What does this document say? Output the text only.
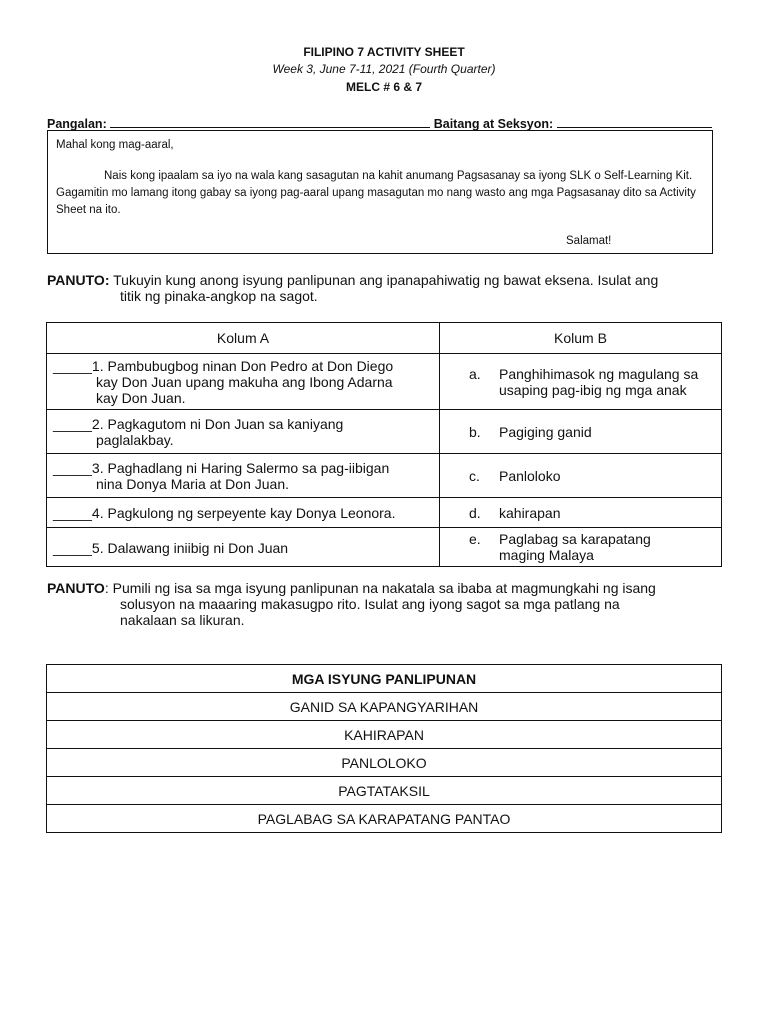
FILIPINO 7 ACTIVITY SHEET
Week 3, June 7-11, 2021 (Fourth Quarter)
MELC # 6 & 7
Pangalan:	Baitang at Seksyon:
Mahal kong mag-aaral,
Nais kong ipaalam sa iyo na wala kang sasagutan na kahit anumang Pagsasanay sa iyong SLK o Self-Learning Kit. Gagamitin mo lamang itong gabay sa iyong pag-aaral upang masagutan mo nang wasto ang mga Pagsasanay dito sa Activity Sheet na ito.
Salamat!
PANUTO: Tukuyin kung anong isyung panlipunan ang ipanapahiwatig ng bawat eksena. Isulat ang
titik ng pinaka-angkop na sagot.
Kolum A	Kolum B
_____1. Pambubugbog ninan Don Pedro at Don Diego
kay Don Juan upang makuha ang Ibong Adarna
kay Don Juan.	a. Panghihimasok ng magulang sa
usaping pag-ibig ng mga anak

_____2. Pagkagutom ni Don Juan sa kaniyang
paglalakbay.	b. Pagiging ganid

_____3. Paghadlang ni Haring Salermo sa pag-iibigan
nina Donya Maria at Don Juan.	c. Panloloko

_____4. Pagkulong ng serpeyente kay Donya Leonora.	d. kahirapan

_____5. Dalawang iniibig ni Don Juan	e. Paglabag sa karapatang
maging Malaya
PANUTO: Pumili ng isa sa mga isyung panlipunan na nakatala sa ibaba at magmungkahi ng isang
solusyon na maaaring makasugpo rito. Isulat ang iyong sagot sa mga patlang na
nakalaan sa likuran.
MGA ISYUNG PANLIPUNAN
GANID SA KAPANGYARIHAN
KAHIRAPAN
PANLOLOKO
PAGTATAKSIL
PAGLABAG SA KARAPATANG PANTAO
